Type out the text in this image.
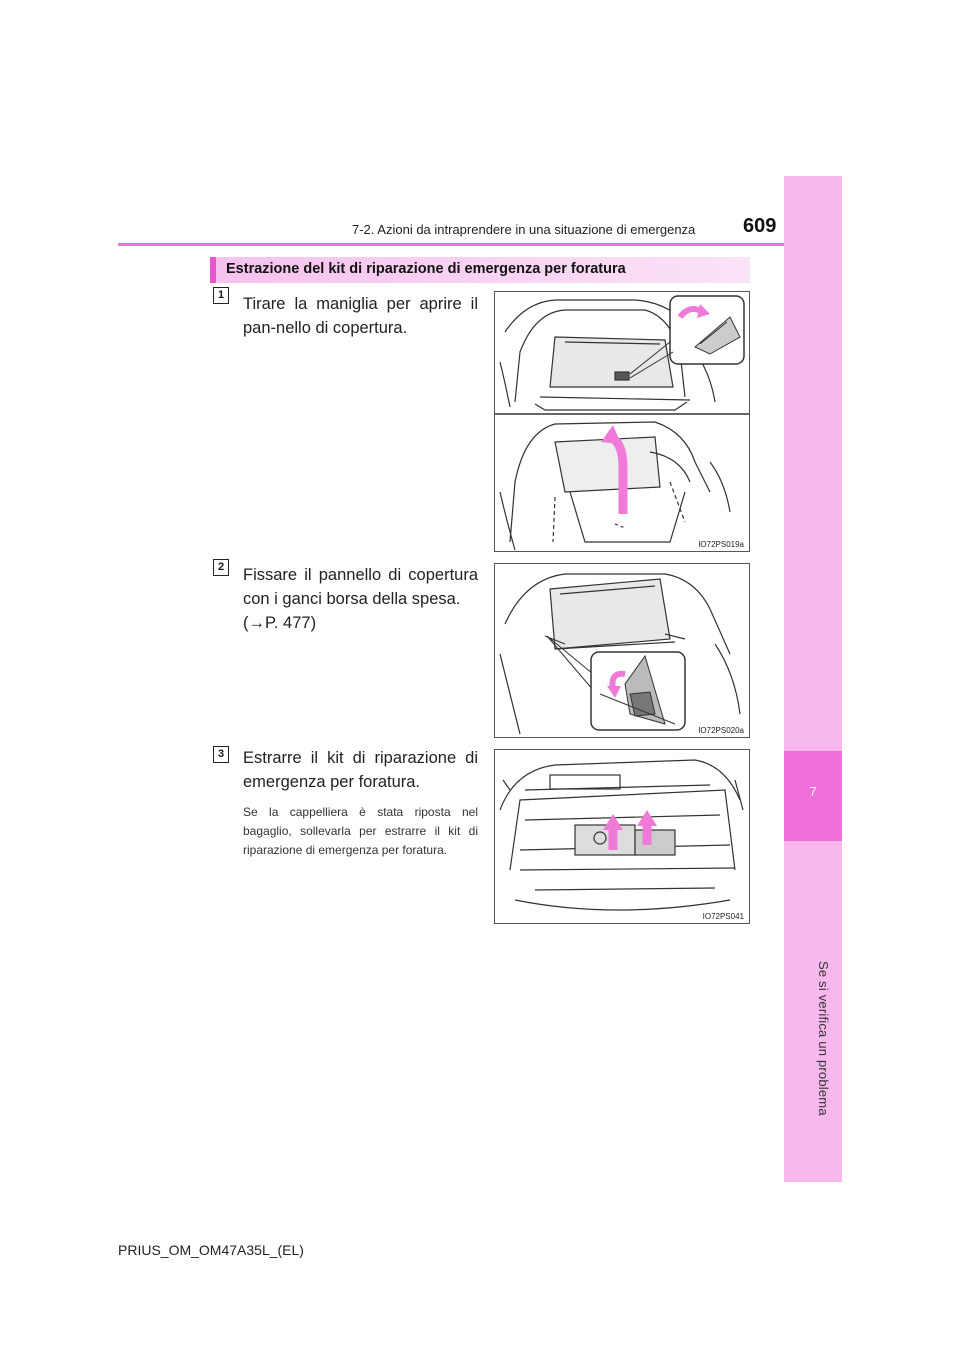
7
Se si verifica un problema
7-2. Azioni da intraprendere in una situazione di emergenza 609
Estrazione del kit di riparazione di emergenza per foratura
1 Tirare la maniglia per aprire il pan-nello di copertura.
IO72PS019a
2 Fissare il pannello di copertura con i ganci borsa della spesa.
(→P. 477)
IO72PS020a
3 Estrarre il kit di riparazione di emergenza per foratura.
Se la cappelliera è stata riposta nel bagaglio, sollevarla per estrarre il kit di riparazione di emergenza per foratura.
IO72PS041
PRIUS_OM_OM47A35L_(EL)
